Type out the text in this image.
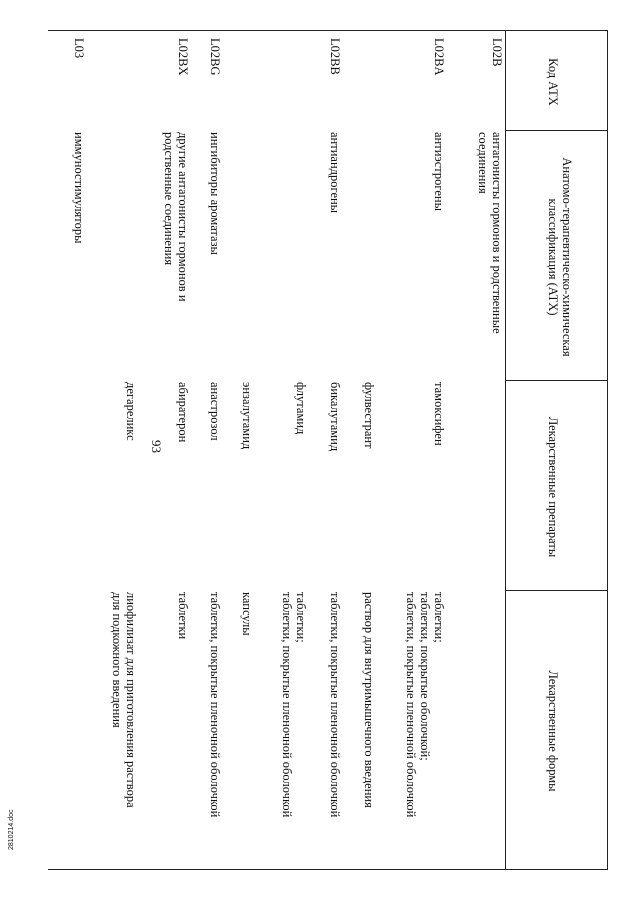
93
Код АТХ
Анатомо-терапевтическо-химическая классификация (АТХ)
Лекарственные препараты
Лекарственные формы
L02B
антагонисты гормонов и родственные соединения
L02BA
антиэстрогены
тамоксифен
таблетки;
таблетки, покрытые оболочкой;
таблетки, покрытые пленочной оболочкой
фулвестрант
раствор для внутримышечного введения
L02BB
антиандрогены
бикалутамид
таблетки, покрытые пленочной оболочкой
флутамид
таблетки;
таблетки, покрытые пленочной оболочкой
энзалутамид
капсулы
L02BG
ингибиторы ароматазы
анастрозол
таблетки, покрытые пленочной оболочкой
L02BX
другие антагонисты гормонов и родственные соединения
абиратерон
таблетки
дегареликс
лиофилизат для приготовления раствора для подкожного введения
L03
иммуностимуляторы
2810214.doc
